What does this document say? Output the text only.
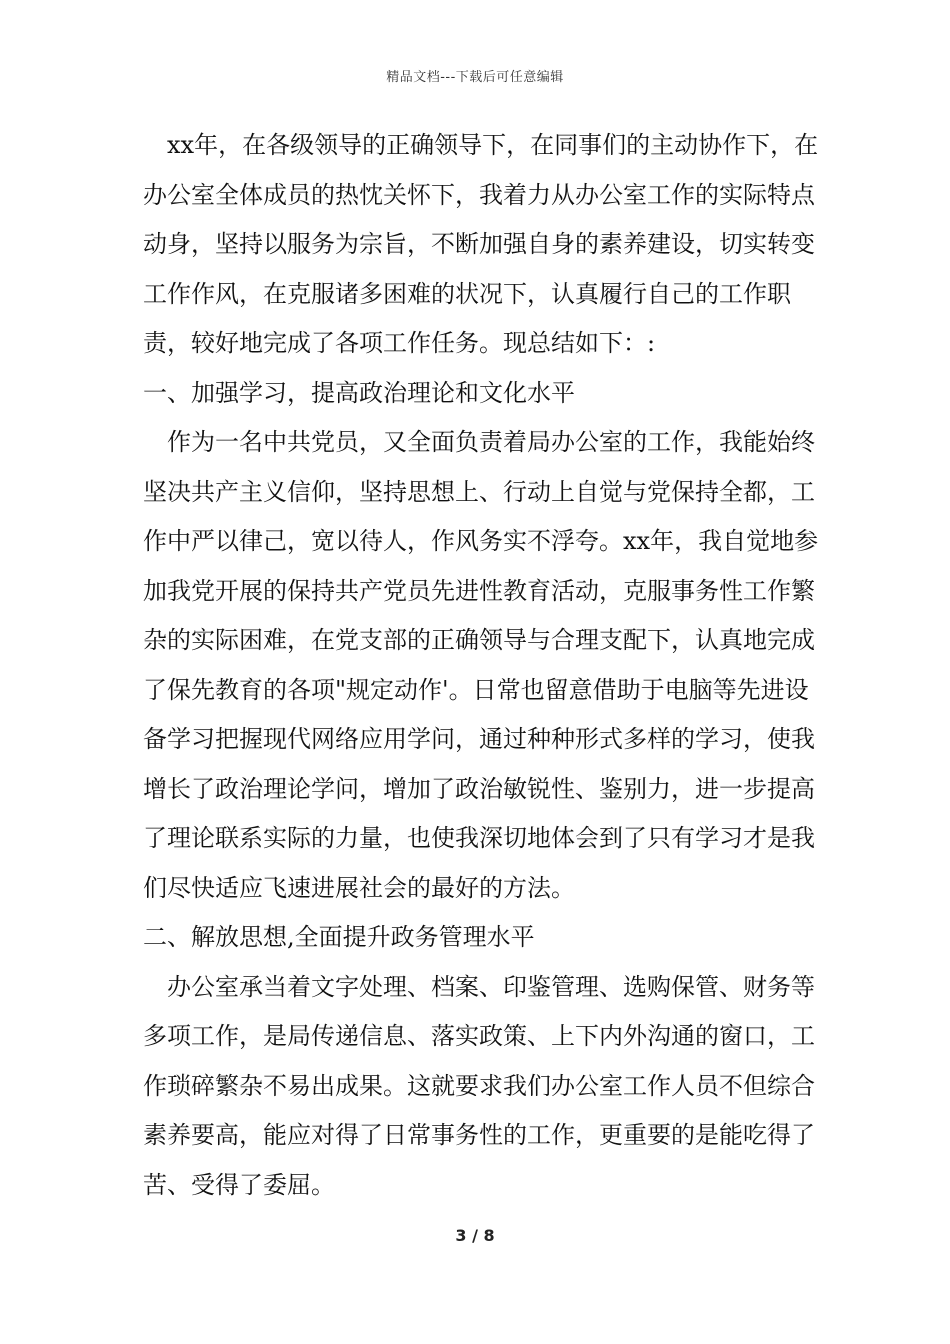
精品文档---下载后可任意编辑

xx年，在各级领导的正确领导下，在同事们的主动协作下，在办公室全体成员的热忱关怀下，我着力从办公室工作的实际特点动身，坚持以服务为宗旨，不断加强自身的素养建设，切实转变工作作风，在克服诸多困难的状况下，认真履行自己的工作职责，较好地完成了各项工作任务。现总结如下：:

一、加强学习，提高政治理论和文化水平

作为一名中共党员，又全面负责着局办公室的工作，我能始终坚决共产主义信仰，坚持思想上、行动上自觉与党保持全都，工作中严以律己，宽以待人，作风务实不浮夸。xx年，我自觉地参加我党开展的保持共产党员先进性教育活动，克服事务性工作繁杂的实际困难，在党支部的正确领导与合理支配下，认真地完成了保先教育的各项"规定动作'。日常也留意借助于电脑等先进设备学习把握现代网络应用学问，通过种种形式多样的学习，使我增长了政治理论学问，增加了政治敏锐性、鉴别力，进一步提高了理论联系实际的力量，也使我深切地体会到了只有学习才是我们尽快适应飞速进展社会的最好的方法。

二、解放思想,全面提升政务管理水平

办公室承当着文字处理、档案、印鉴管理、选购保管、财务等多项工作，是局传递信息、落实政策、上下内外沟通的窗口，工作琐碎繁杂不易出成果。这就要求我们办公室工作人员不但综合素养要高，能应对得了日常事务性的工作，更重要的是能吃得了苦、受得了委屈。

3 / 8
